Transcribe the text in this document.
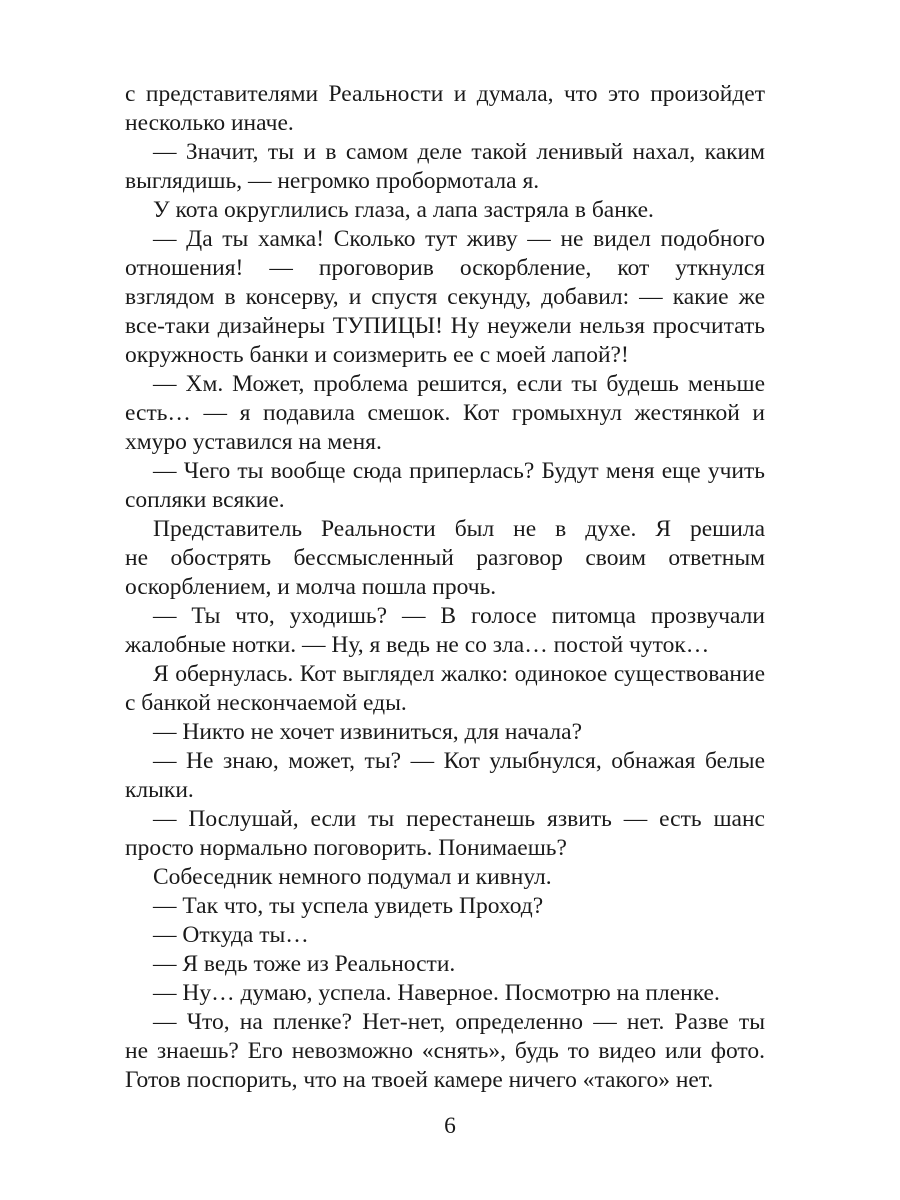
с представителями Реальности и думала, что это произойдет
несколько иначе.
— Значит, ты и в самом деле такой ленивый нахал, каким
выглядишь, — негромко пробормотала я.
У кота округлились глаза, а лапа застряла в банке.
— Да ты хамка! Сколько тут живу — не видел подобного
отношения! — проговорив оскорбление, кот уткнулся
взглядом в консерву, и спустя секунду, добавил: — какие же
все-таки дизайнеры ТУПИЦЫ! Ну неужели нельзя просчитать
окружность банки и соизмерить ее с моей лапой?!
— Хм. Может, проблема решится, если ты будешь меньше
есть… — я подавила смешок. Кот громыхнул жестянкой и
хмуро уставился на меня.
— Чего ты вообще сюда приперлась? Будут меня еще учить
сопляки всякие.
Представитель Реальности был не в духе. Я решила
не обострять бессмысленный разговор своим ответным
оскорблением, и молча пошла прочь.
— Ты что, уходишь? — В голосе питомца прозвучали
жалобные нотки. — Ну, я ведь не со зла… постой чуток…
Я обернулась. Кот выглядел жалко: одинокое существование
с банкой нескончаемой еды.
— Никто не хочет извиниться, для начала?
— Не знаю, может, ты? — Кот улыбнулся, обнажая белые
клыки.
— Послушай, если ты перестанешь язвить — есть шанс
просто нормально поговорить. Понимаешь?
Собеседник немного подумал и кивнул.
— Так что, ты успела увидеть Проход?
— Откуда ты…
— Я ведь тоже из Реальности.
— Ну… думаю, успела. Наверное. Посмотрю на пленке.
— Что, на пленке? Нет-нет, определенно — нет. Разве ты
не знаешь? Его невозможно «снять», будь то видео или фото.
Готов поспорить, что на твоей камере ничего «такого» нет.
6
